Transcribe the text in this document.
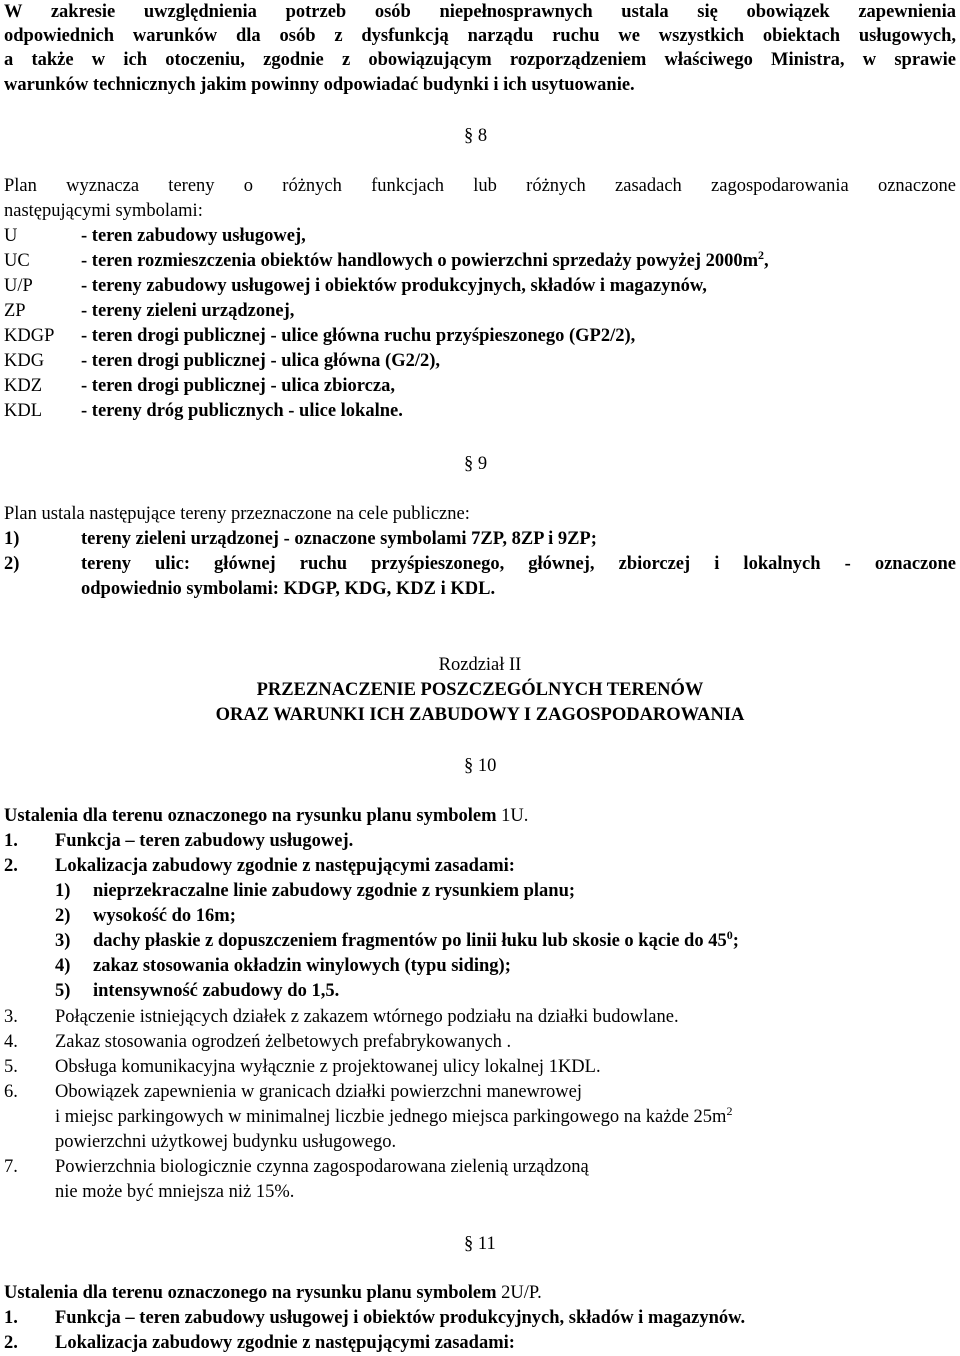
W zakresie uwzględnienia potrzeb osób niepełnosprawnych ustala się obowiązek zapewnienia
odpowiednich warunków dla osób z dysfunkcją narządu ruchu we wszystkich obiektach usługowych,
a także w ich otoczeniu, zgodnie z obowiązującym rozporządzeniem właściwego Ministra, w sprawie
warunków technicznych jakim powinny odpowiadać budynki i ich usytuowanie.
§ 8
Plan wyznacza tereny o różnych funkcjach lub różnych zasadach zagospodarowania oznaczone
następującymi symbolami:
U	- teren zabudowy usługowej,
UC	- teren rozmieszczenia obiektów handlowych o powierzchni sprzedaży powyżej $2000m^2$,
U/P	- tereny zabudowy usługowej i obiektów produkcyjnych, składów i magazynów,
ZP	- tereny zieleni urządzonej,
KDGP - teren drogi publicznej - ulice główna ruchu przyśpieszonego (GP2/2),
KDG - teren drogi publicznej - ulica główna (G2/2),
KDZ - teren drogi publicznej - ulica zbiorcza,
KDL - tereny dróg publicznych - ulice lokalne.
§ 9
Plan ustala następujące tereny przeznaczone na cele publiczne:
1)	tereny zieleni urządzonej - oznaczone symbolami 7ZP, 8ZP i 9ZP;
2)	tereny ulic: głównej ruchu przyśpieszonego, głównej, zbiorczej i lokalnych - oznaczone
odpowiednio symbolami: KDGP, KDG, KDZ i KDL.
Rozdział II
PRZEZNACZENIE POSZCZEGÓLNYCH TERENÓW
ORAZ WARUNKI ICH ZABUDOWY I ZAGOSPODAROWANIA
§ 10
Ustalenia dla terenu oznaczonego na rysunku planu symbolem 1U.
1. Funkcja – teren zabudowy usługowej.
2. Lokalizacja zabudowy zgodnie z następującymi zasadami:
1) nieprzekraczalne linie zabudowy zgodnie z rysunkiem planu;
2) wysokość do 16m;
3) dachy płaskie z dopuszczeniem fragmentów po linii łuku lub skosie o kącie do $45^0$;
4) zakaz stosowania okładzin winylowych (typu siding);
5) intensywność zabudowy do 1,5.
3. Połączenie istniejących działek z zakazem wtórnego podziału na działki budowlane.
4. Zakaz stosowania ogrodzeń żelbetowych prefabrykowanych .
5. Obsługa komunikacyjna wyłącznie z projektowanej ulicy lokalnej 1KDL.
6. Obowiązek zapewnienia w granicach działki powierzchni manewrowej
i miejsc parkingowych w minimalnej liczbie jednego miejsca parkingowego na każde $25m^2$
powierzchni użytkowej budynku usługowego.
7. Powierzchnia biologicznie czynna zagospodarowana zielenią urządzoną
nie może być mniejsza niż 15%.
§ 11
Ustalenia dla terenu oznaczonego na rysunku planu symbolem 2U/P.
1. Funkcja – teren zabudowy usługowej i obiektów produkcyjnych, składów i magazynów.
2. Lokalizacja zabudowy zgodnie z następującymi zasadami:
